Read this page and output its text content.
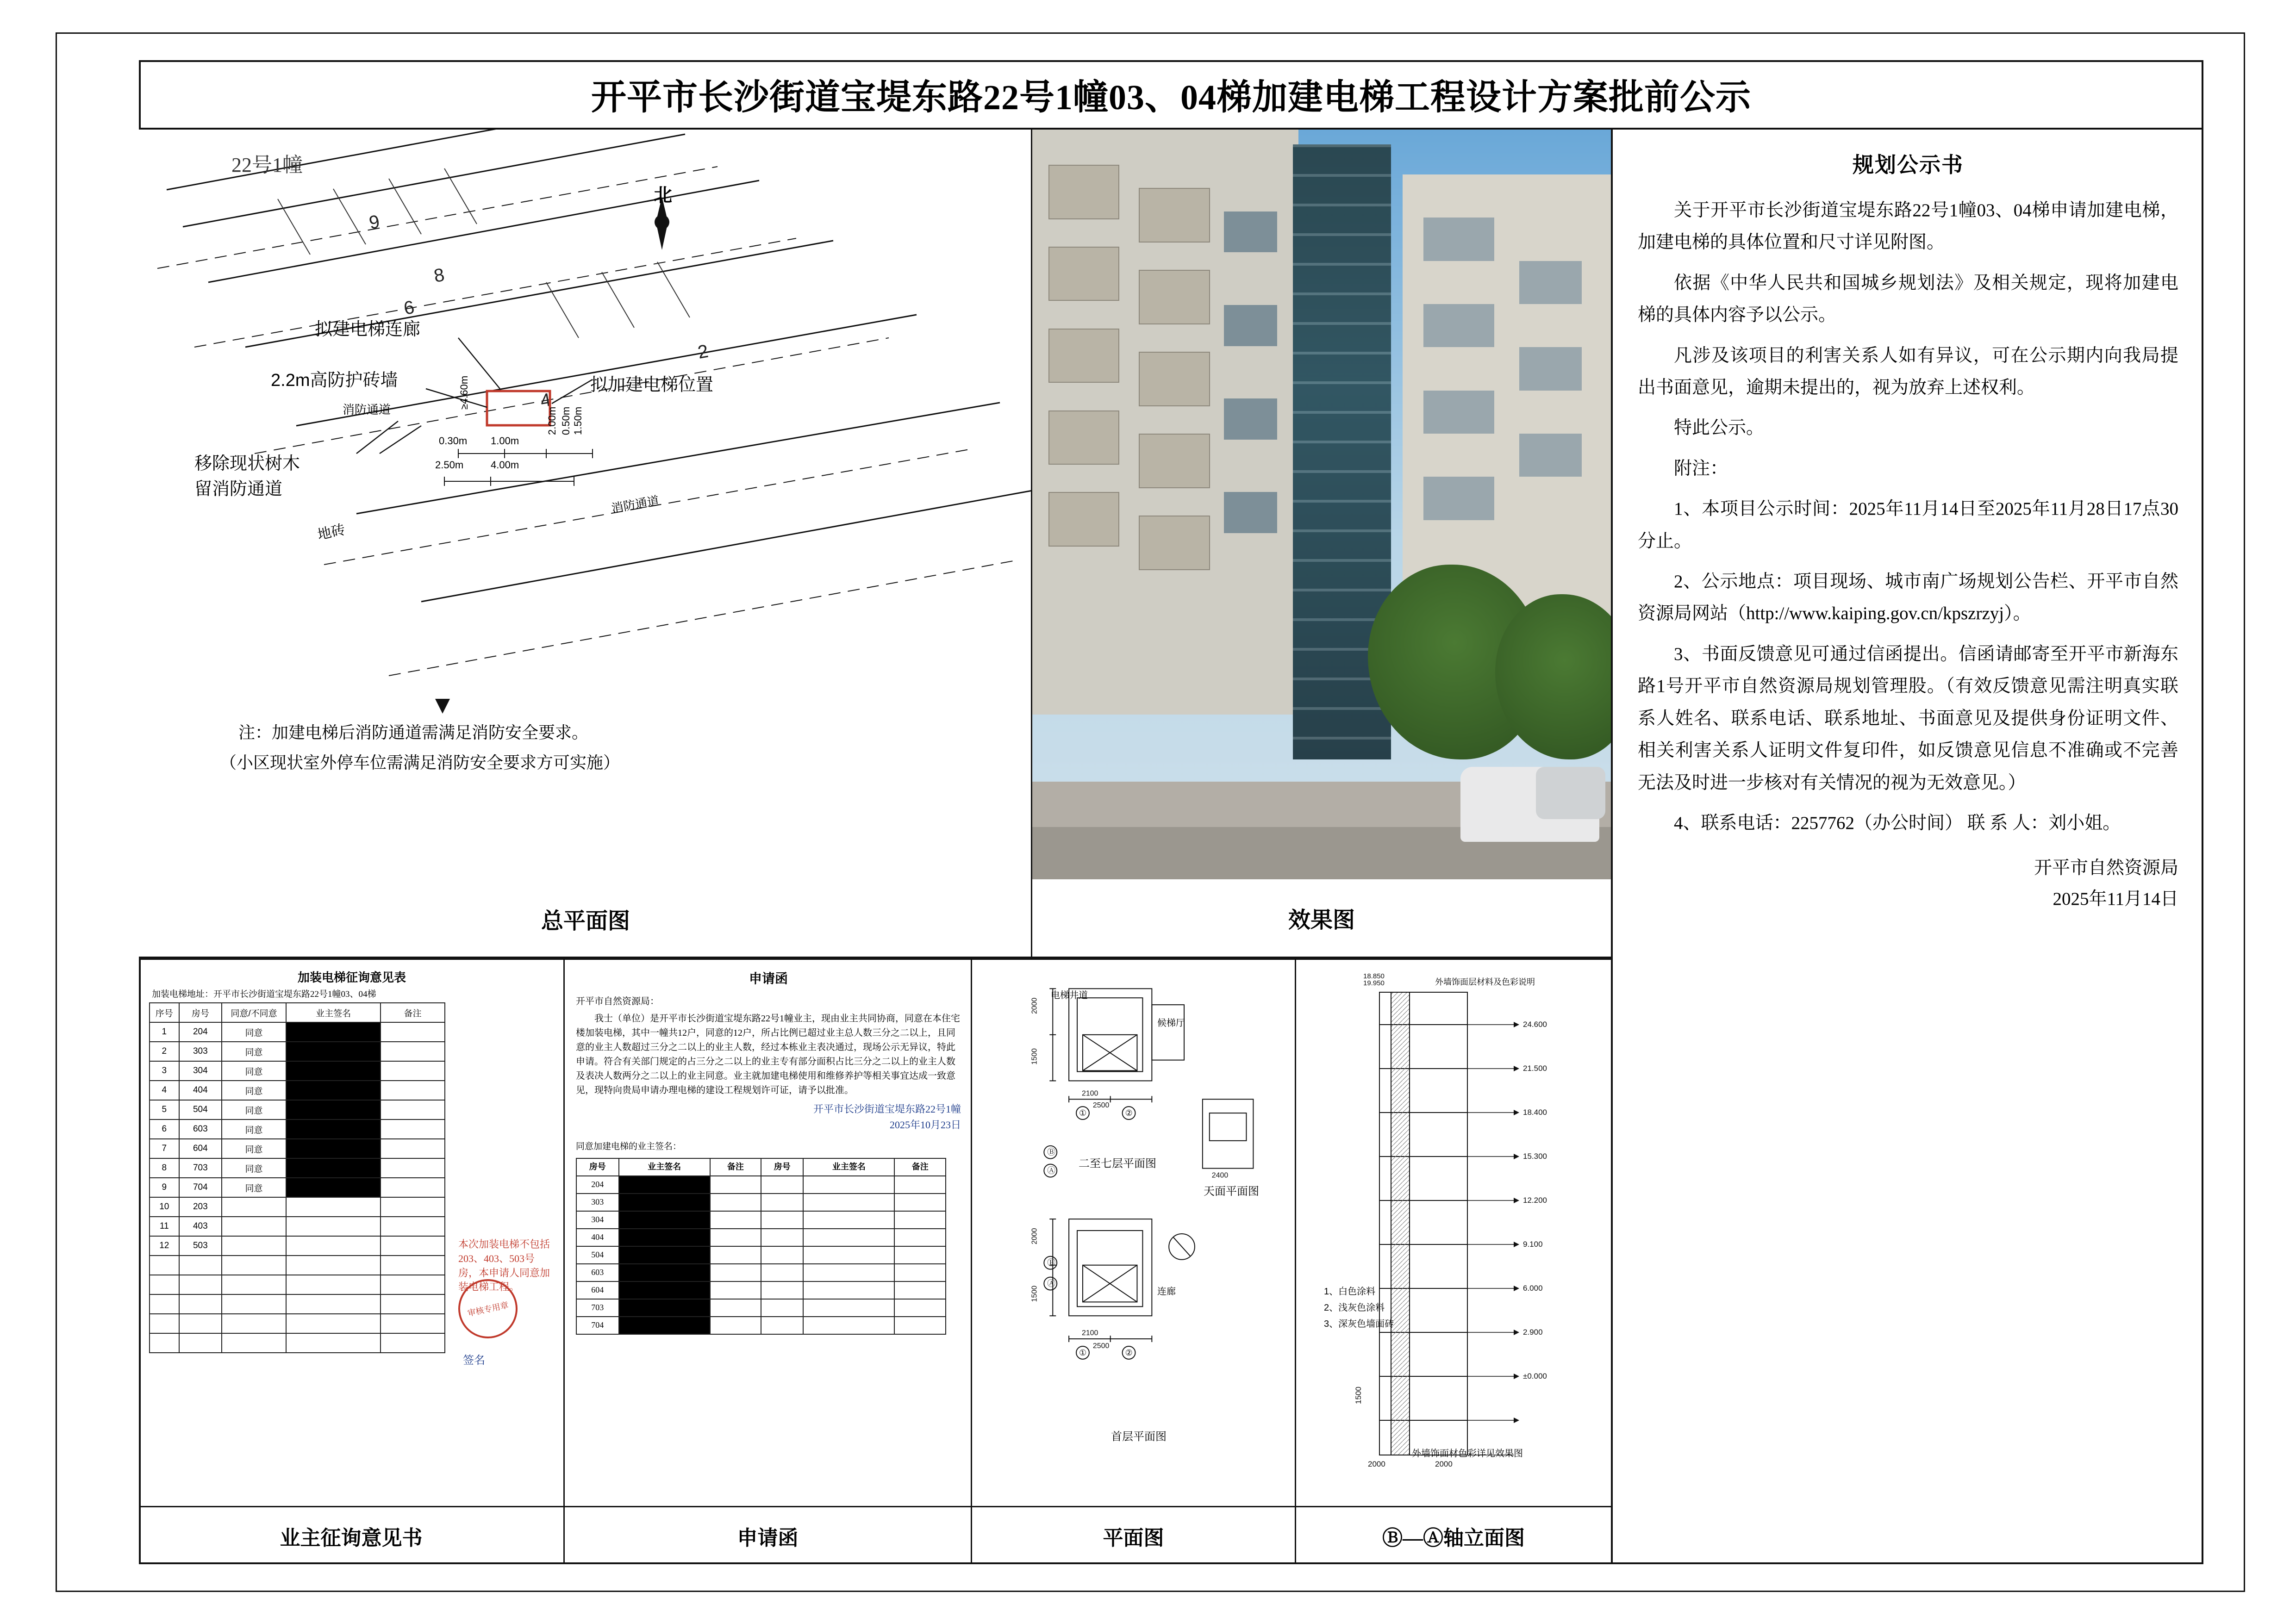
开平市长沙街道宝堤东路22号1幢03、04梯加建电梯工程设计方案批前公示
9
8
6
2
4
22号1幢
北
拟建电梯连廊
2.2m高防护砖墙	拟加建电梯位置
移除现状树木
留消防通道
消防通道
消防通道
地砖
2.50m
1.00m
4.00m
2.00m 1.50m
0.50m
≥4.60m
0.30m
注：加建电梯后消防通道需满足消防安全要求。
（小区现状室外停车位需满足消防安全要求方可实施）
总平面图	效果图
加装电梯征询意见表
加装电梯地址：开平市长沙街道宝堤东路22号1幢03、04梯
序号	房号	同意/不同意	业主签名	备注
1	204	同意		
2	303	同意		
3	304	同意		
4	404	同意		
5	504	同意		
6	603	同意		
7	604	同意		
8	703	同意		
9	704	同意		
10	203			
11	403			
12	503			

					本次加装电梯不包括203、403、503号房，本申请人同意加装电梯工程。
审核专用章
签名
申请函
开平市自然资源局：

我士（单位）是开平市长沙街道宝堤东路22号1幢业主，现由业主共同协商，同意在本住宅楼加装电梯，其中一幢共12户，同意的12户，所占比例已超过业主总人数三分之二以上，且同意的业主人数超过三分之二以上的业主人数，经过本栋业主表决通过，现场公示无异议，特此申请。符合有关部门规定的占三分之二以上的业主专有部分面积占比三分之二以上的业主人数及表决人数两分之二以上的业主同意。业主就加建电梯使用和维修养护等相关事宜达成一致意见，现特向贵局申请办理电梯的建设工程规划许可证，请予以批准。

开平市长沙街道宝堤东路22号1幢
2025年10月23日
同意加建电梯的业主签名：
房号	业主签名	备注	房号	业主签名	备注
204					
303					
304					
404					
504					
603					
604					
703					
704					
①	②
Ⓐ
Ⓑ
①	②
Ⓐ
Ⓑ
2000
1500
2100
2500
2000
1500
2100
2500
2400
二至七层平面图
天面平面图
首层平面图
电梯井道
候梯厅
连廊
24.600
21.500
18.400
15.300
12.200
9.100
6.000
2.900
±0.000
2000	2000
1500
19.950
18.850
外墙饰面层材料及色彩说明
1、白色涂料
2、浅灰色涂料
3、深灰色墙面砖
外墙饰面材色彩详见效果图
业主征询意见书	申请函	平面图	Ⓑ—Ⓐ轴立面图
规划公示书

关于开平市长沙街道宝堤东路22号1幢03、04梯申请加建电梯，加建电梯的具体位置和尺寸详见附图。

依据《中华人民共和国城乡规划法》及相关规定，现将加建电梯的具体内容予以公示。

凡涉及该项目的利害关系人如有异议，可在公示期内向我局提出书面意见，逾期未提出的，视为放弃上述权利。

特此公示。

附注：

1、本项目公示时间：2025年11月14日至2025年11月28日17点30分止。

2、公示地点：项目现场、城市南广场规划公告栏、开平市自然资源局网站（http://www.kaiping.gov.cn/kpszrzyj）。

3、书面反馈意见可通过信函提出。信函请邮寄至开平市新海东路1号开平市自然资源局规划管理股。（有效反馈意见需注明真实联系人姓名、联系电话、联系地址、书面意见及提供身份证明文件、相关利害关系人证明文件复印件，如反馈意见信息不准确或不完善无法及时进一步核对有关情况的视为无效意见。）

4、联系电话：2257762（办公时间） 联 系 人：刘小姐。

开平市自然资源局
2025年11月14日
